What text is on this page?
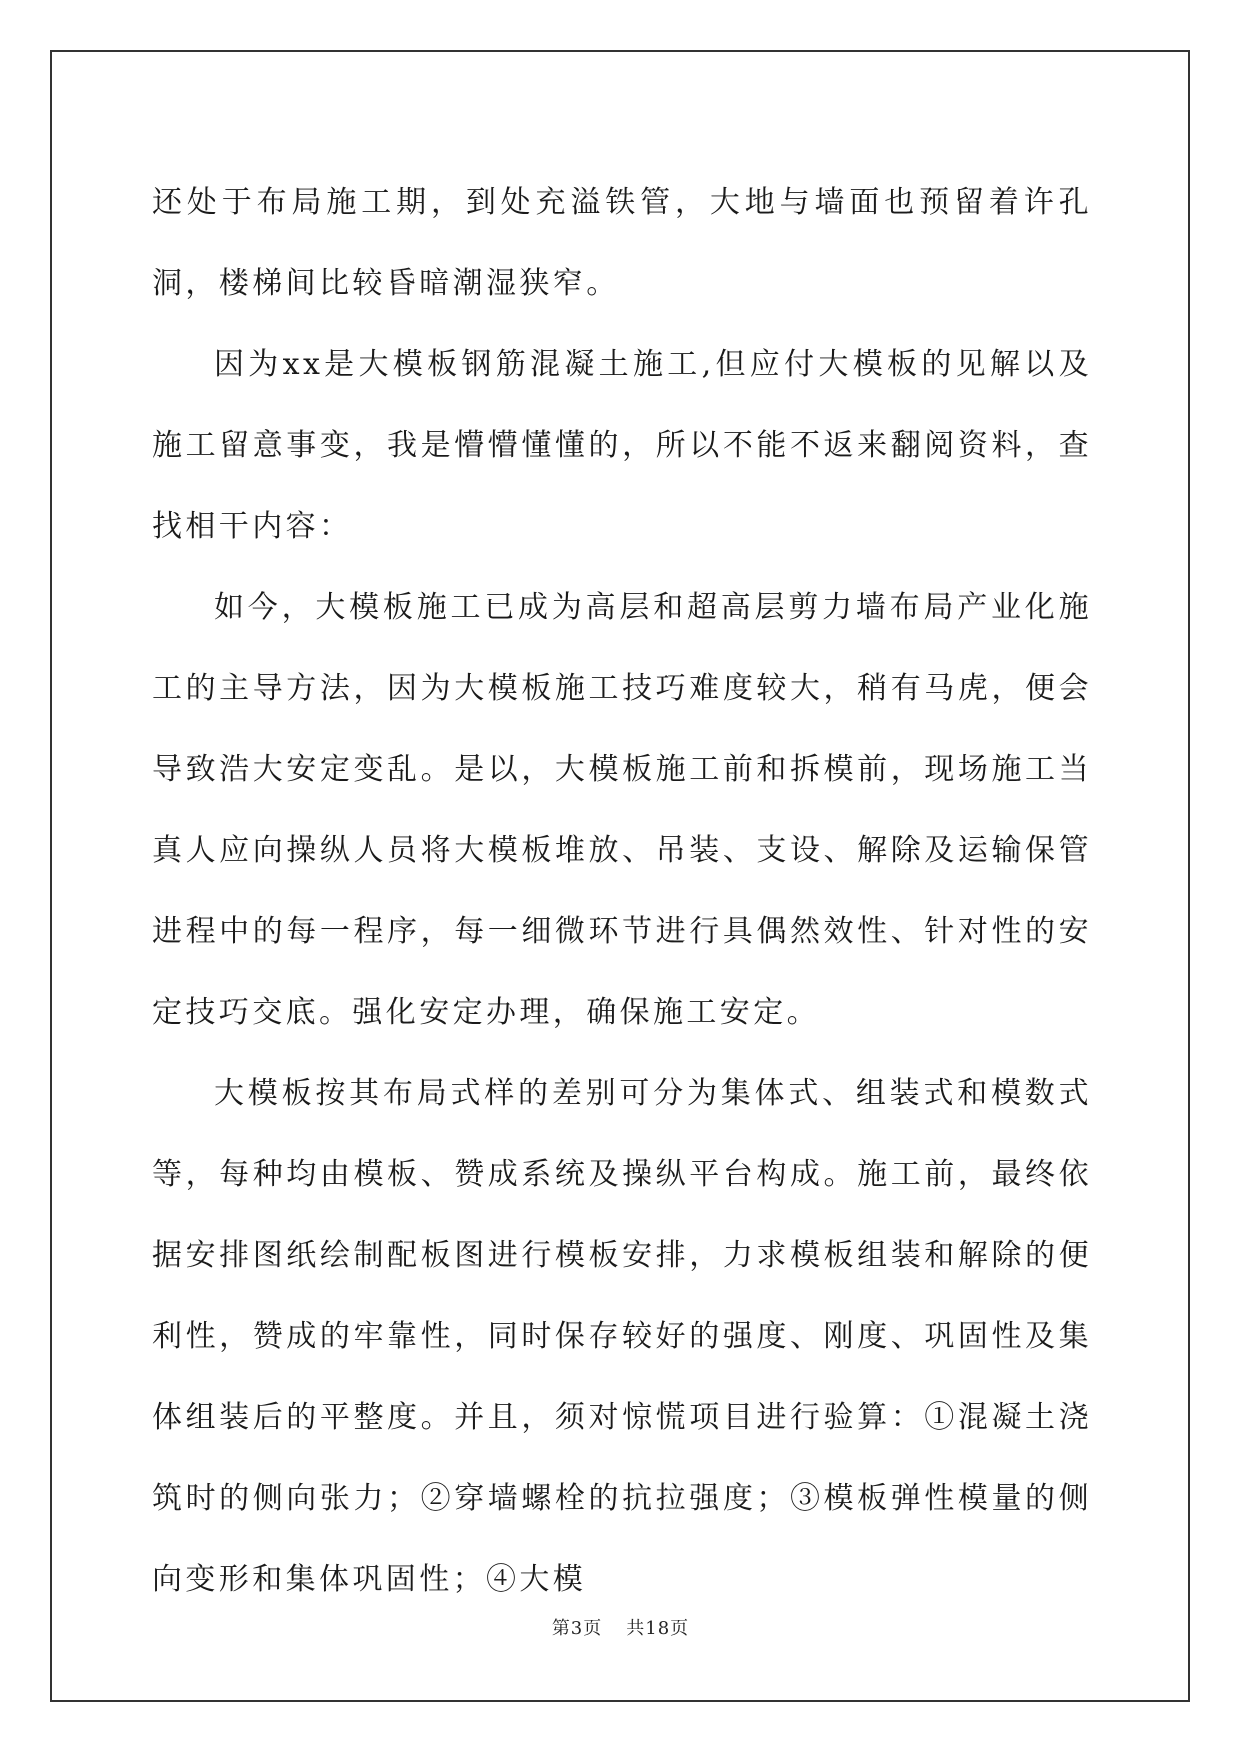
还处于布局施工期，到处充溢铁管，大地与墙面也预留着许孔洞，楼梯间比较昏暗潮湿狭窄。

因为xx是大模板钢筋混凝土施工,但应付大模板的见解以及施工留意事变，我是懵懵懂懂的，所以不能不返来翻阅资料，查找相干内容：

如今，大模板施工已成为高层和超高层剪力墙布局产业化施工的主导方法，因为大模板施工技巧难度较大，稍有马虎，便会导致浩大安定变乱。是以，大模板施工前和拆模前，现场施工当真人应向操纵人员将大模板堆放、吊装、支设、解除及运输保管进程中的每一程序，每一细微环节进行具偶然效性、针对性的安定技巧交底。强化安定办理，确保施工安定。

大模板按其布局式样的差别可分为集体式、组装式和模数式等，每种均由模板、赞成系统及操纵平台构成。施工前，最终依据安排图纸绘制配板图进行模板安排，力求模板组装和解除的便利性，赞成的牢靠性，同时保存较好的强度、刚度、巩固性及集体组装后的平整度。并且，须对惊慌项目进行验算：①混凝土浇筑时的侧向张力；②穿墙螺栓的抗拉强度；③模板弹性模量的侧向变形和集体巩固性；④大模

第3页 共18页
